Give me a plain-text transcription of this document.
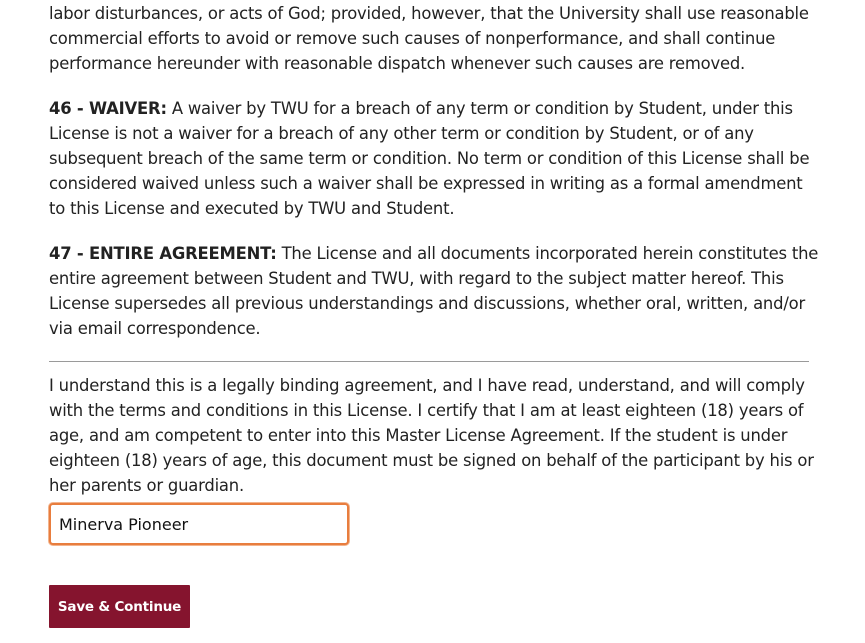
labor disturbances, or acts of God; provided, however, that the University shall use reasonable commercial efforts to avoid or remove such causes of nonperformance, and shall continue performance hereunder with reasonable dispatch whenever such causes are removed.

46 - WAIVER: A waiver by TWU for a breach of any term or condition by Student, under this License is not a waiver for a breach of any other term or condition by Student, or of any subsequent breach of the same term or condition. No term or condition of this License shall be considered waived unless such a waiver shall be expressed in writing as a formal amendment to this License and executed by TWU and Student.

47 - ENTIRE AGREEMENT: The License and all documents incorporated herein constitutes the entire agreement between Student and TWU, with regard to the subject matter hereof. This License supersedes all previous understandings and discussions, whether oral, written, and/or via email correspondence.

I understand this is a legally binding agreement, and I have read, understand, and will comply with the terms and conditions in this License. I certify that I am at least eighteen (18) years of age, and am competent to enter into this Master License Agreement. If the student is under eighteen (18) years of age, this document must be signed on behalf of the participant by his or her parents or guardian.

Minerva Pioneer
Save & Continue
